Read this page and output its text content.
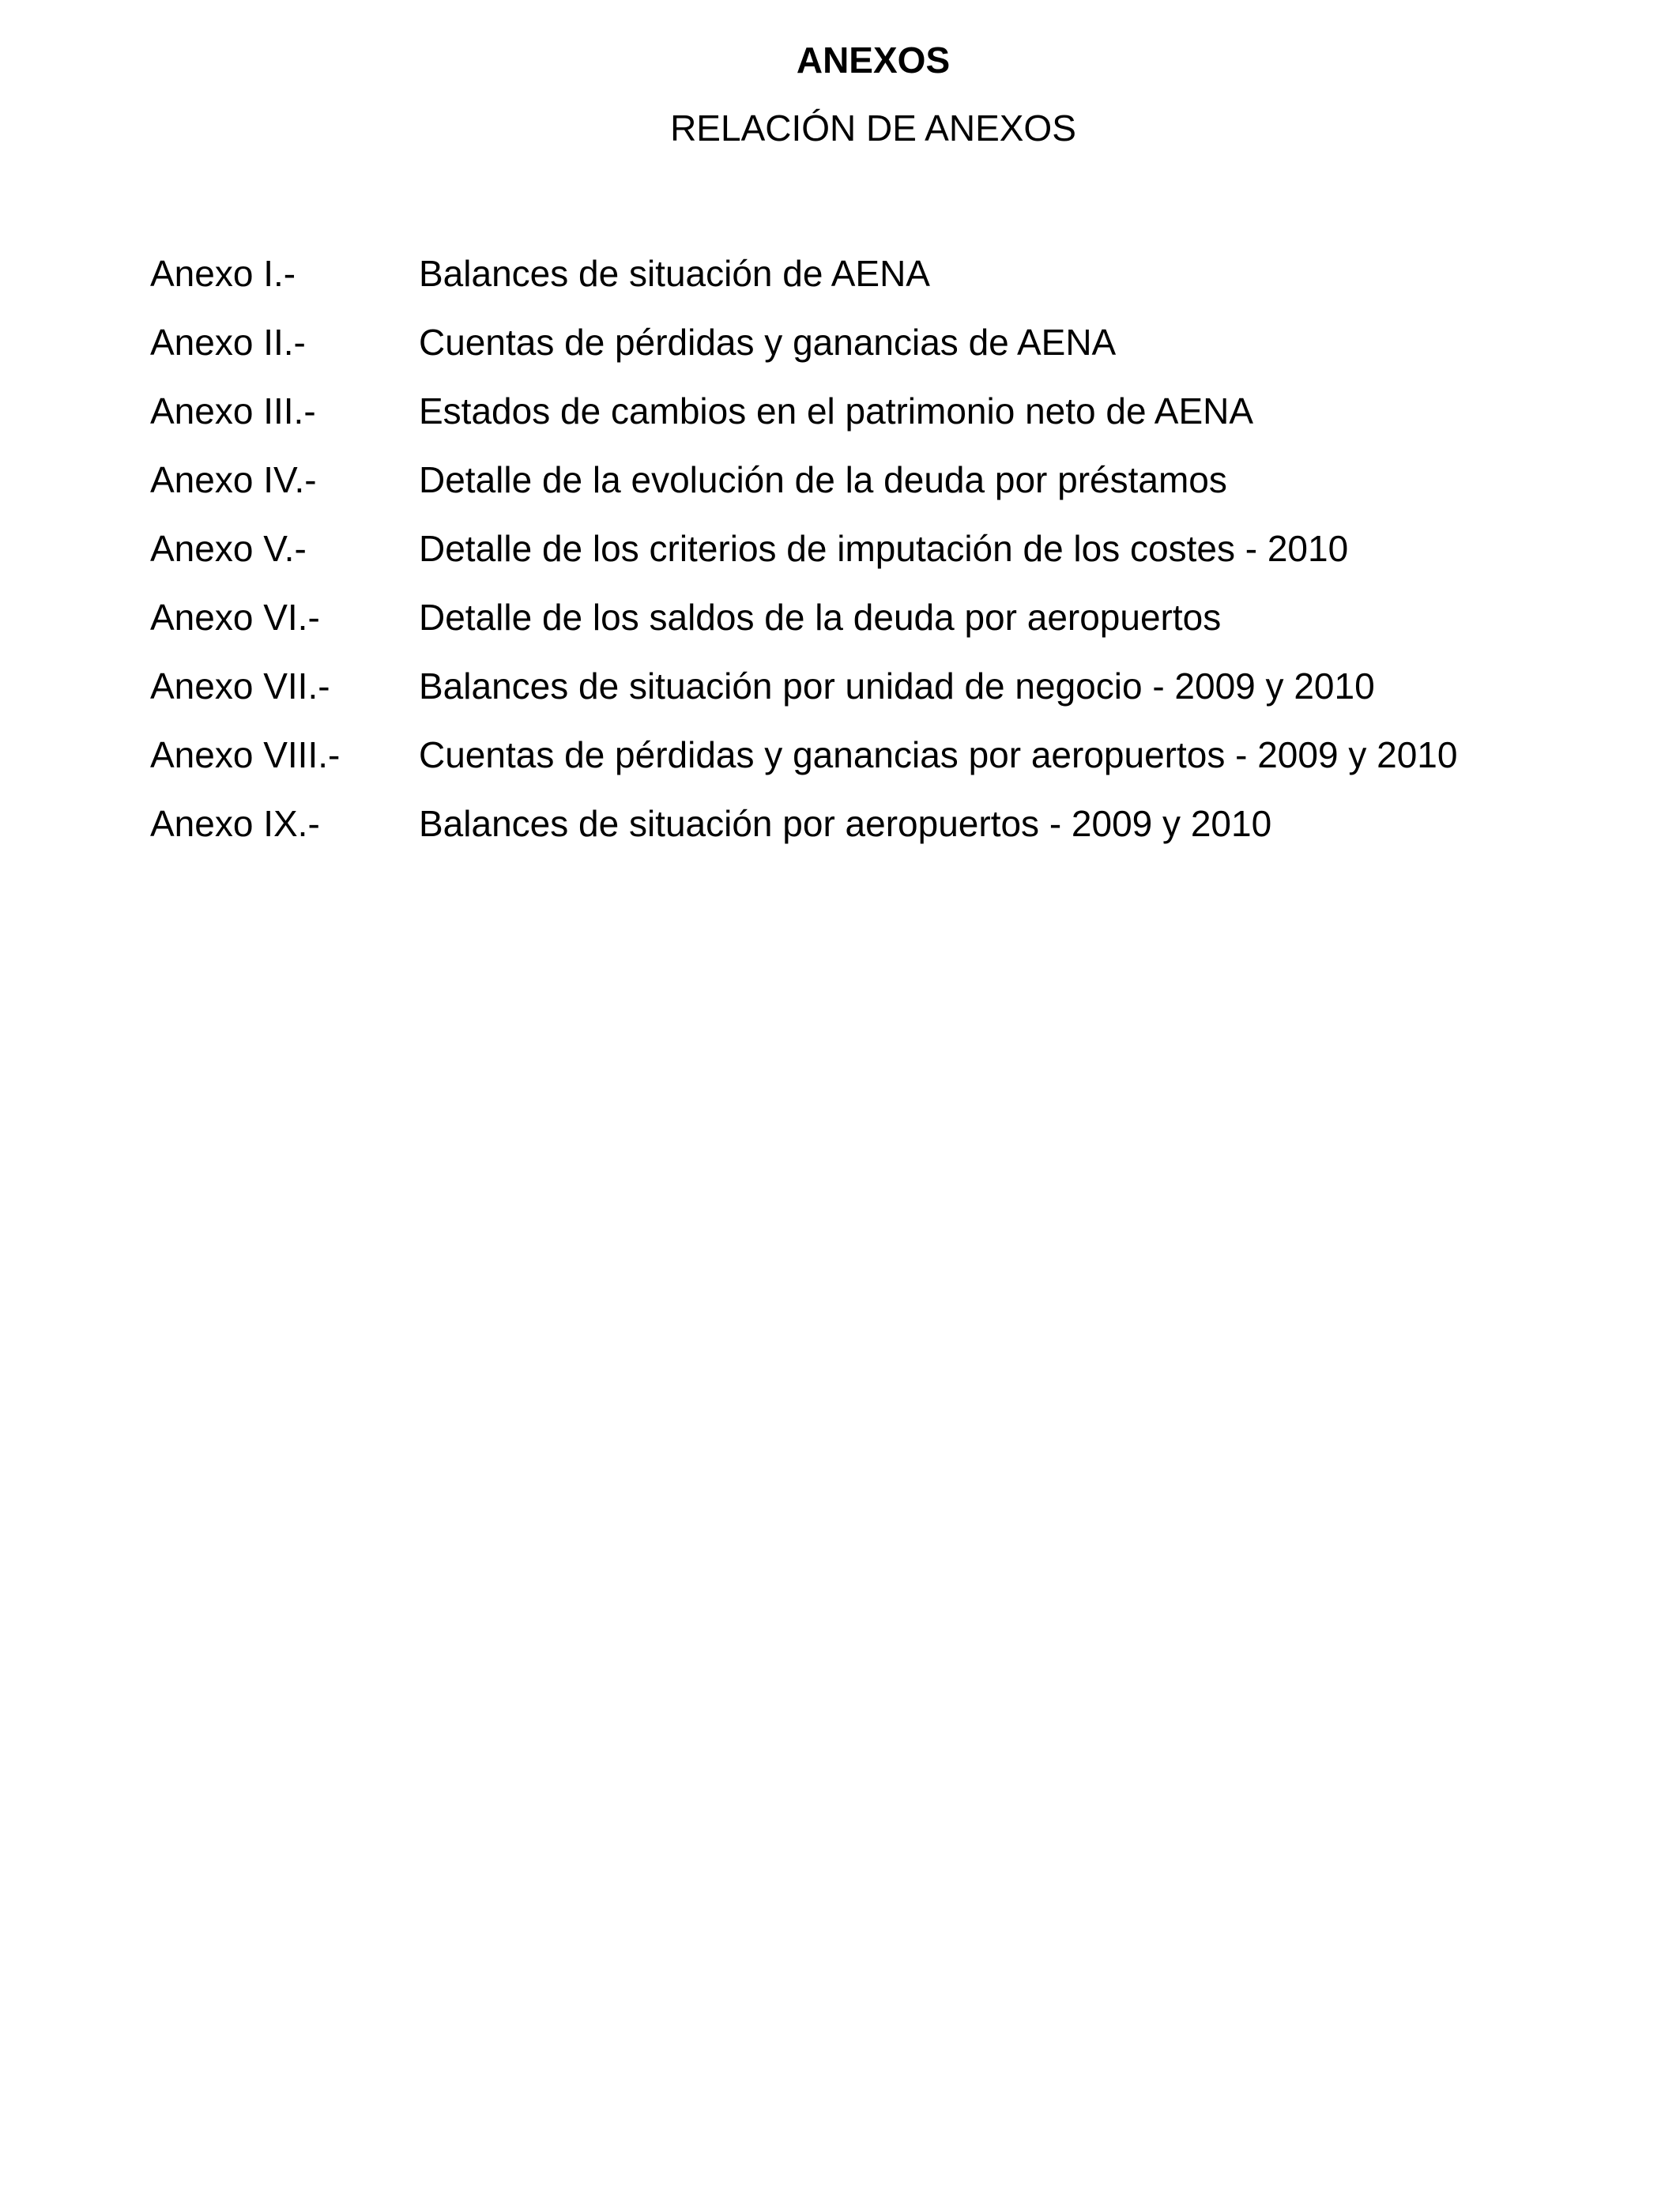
ANEXOS
RELACIÓN DE ANEXOS
Anexo I.-	Balances de situación de AENA
Anexo II.-	Cuentas de pérdidas y ganancias de AENA
Anexo III.-	Estados de cambios en el patrimonio neto de AENA
Anexo IV.-	Detalle de la evolución de la deuda por préstamos
Anexo V.-	Detalle de los criterios de imputación de los costes - 2010
Anexo VI.-	Detalle de los saldos de la deuda por aeropuertos
Anexo VII.-	Balances de situación por unidad de negocio - 2009 y 2010
Anexo VIII.-	Cuentas de pérdidas y ganancias por aeropuertos - 2009 y 2010
Anexo IX.-	Balances de situación por aeropuertos - 2009 y 2010
